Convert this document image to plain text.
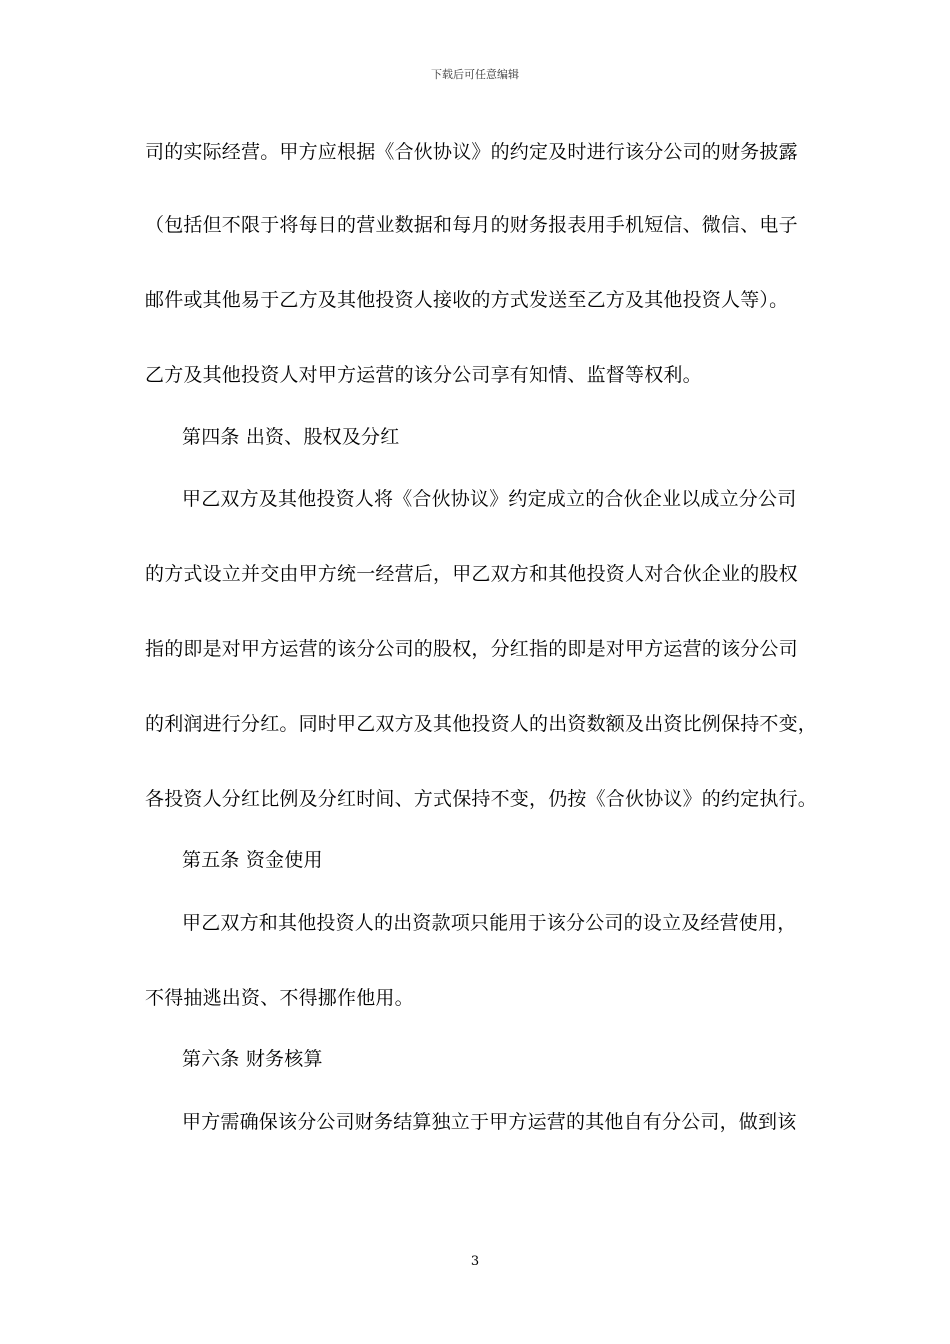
下载后可任意编辑
司的实际经营。甲方应根据《合伙协议》的约定及时进行该分公司的财务披露
（包括但不限于将每日的营业数据和每月的财务报表用手机短信、微信、电子
邮件或其他易于乙方及其他投资人接收的方式发送至乙方及其他投资人等）。
乙方及其他投资人对甲方运营的该分公司享有知情、监督等权利。
第四条 出资、股权及分红
甲乙双方及其他投资人将《合伙协议》约定成立的合伙企业以成立分公司
的方式设立并交由甲方统一经营后，甲乙双方和其他投资人对合伙企业的股权
指的即是对甲方运营的该分公司的股权，分红指的即是对甲方运营的该分公司
的利润进行分红。同时甲乙双方及其他投资人的出资数额及出资比例保持不变，
各投资人分红比例及分红时间、方式保持不变，仍按《合伙协议》的约定执行。
第五条 资金使用
甲乙双方和其他投资人的出资款项只能用于该分公司的设立及经营使用，
不得抽逃出资、不得挪作他用。
第六条 财务核算
甲方需确保该分公司财务结算独立于甲方运营的其他自有分公司，做到该
3
